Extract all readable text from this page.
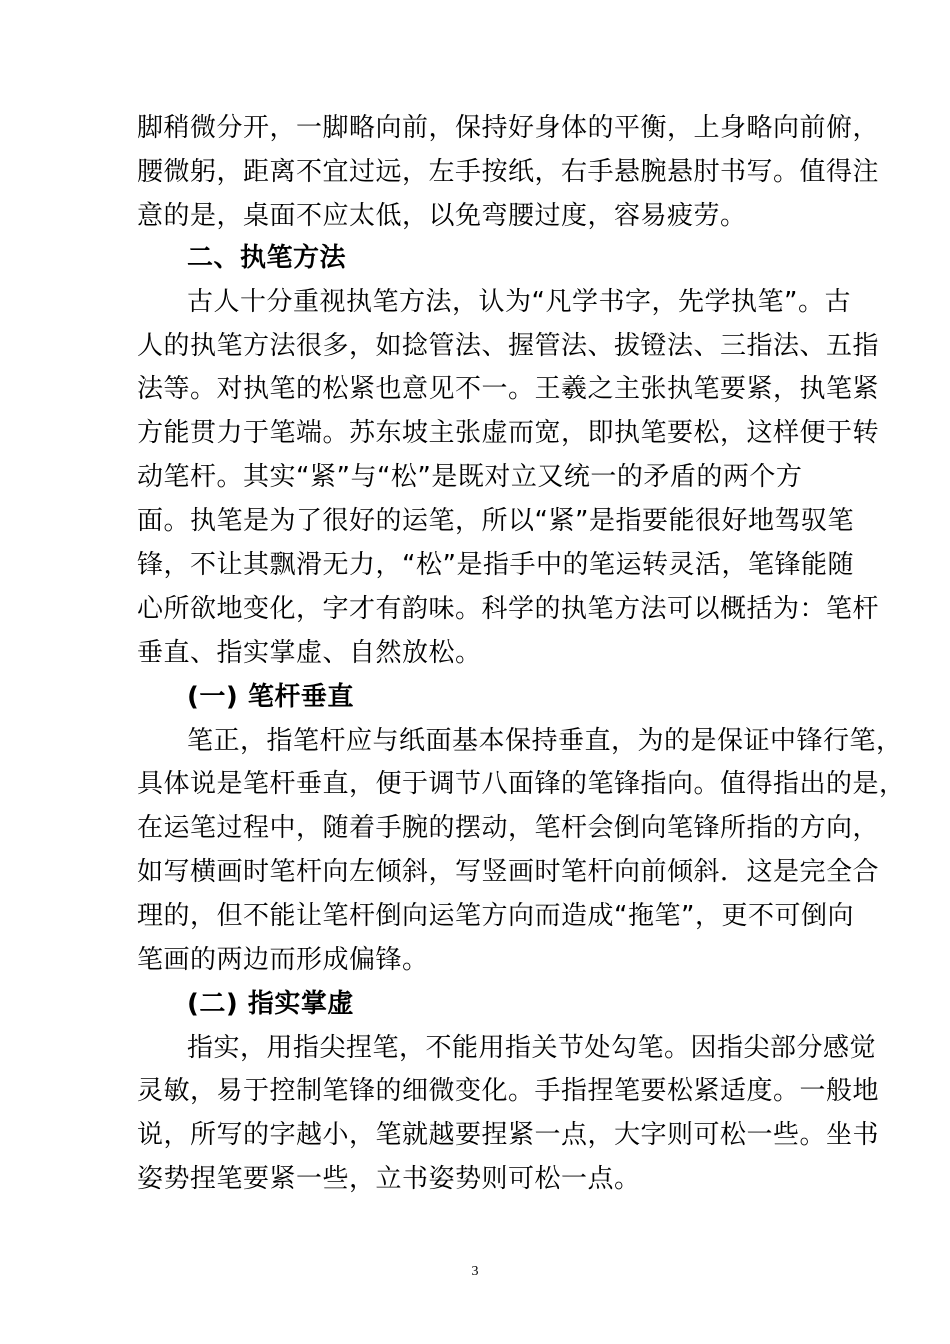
脚稍微分开，一脚略向前，保持好身体的平衡，上身略向前俯，
腰微躬，距离不宜过远，左手按纸，右手悬腕悬肘书写。值得注
意的是，桌面不应太低，以免弯腰过度，容易疲劳。
二、执笔方法
古人十分重视执笔方法，认为“凡学书字，先学执笔”。古
人的执笔方法很多，如捻管法、握管法、拔镫法、三指法、五指
法等。对执笔的松紧也意见不一。王羲之主张执笔要紧，执笔紧
方能贯力于笔端。苏东坡主张虚而宽，即执笔要松，这样便于转
动笔杆。其实“紧”与“松”是既对立又统一的矛盾的两个方
面。执笔是为了很好的运笔，所以“紧”是指要能很好地驾驭笔
锋，不让其飘滑无力，“松”是指手中的笔运转灵活，笔锋能随
心所欲地变化，字才有韵味。科学的执笔方法可以概括为：笔杆
垂直、指实掌虚、自然放松。
(一) 笔杆垂直
笔正，指笔杆应与纸面基本保持垂直，为的是保证中锋行笔，
具体说是笔杆垂直，便于调节八面锋的笔锋指向。值得指出的是，
在运笔过程中，随着手腕的摆动，笔杆会倒向笔锋所指的方向，
如写横画时笔杆向左倾斜，写竖画时笔杆向前倾斜．这是完全合
理的，但不能让笔杆倒向运笔方向而造成“拖笔”，更不可倒向
笔画的两边而形成偏锋。
(二) 指实掌虚
指实，用指尖捏笔，不能用指关节处勾笔。因指尖部分感觉
灵敏，易于控制笔锋的细微变化。手指捏笔要松紧适度。一般地
说，所写的字越小，笔就越要捏紧一点，大字则可松一些。坐书
姿势捏笔要紧一些，立书姿势则可松一点。
3
